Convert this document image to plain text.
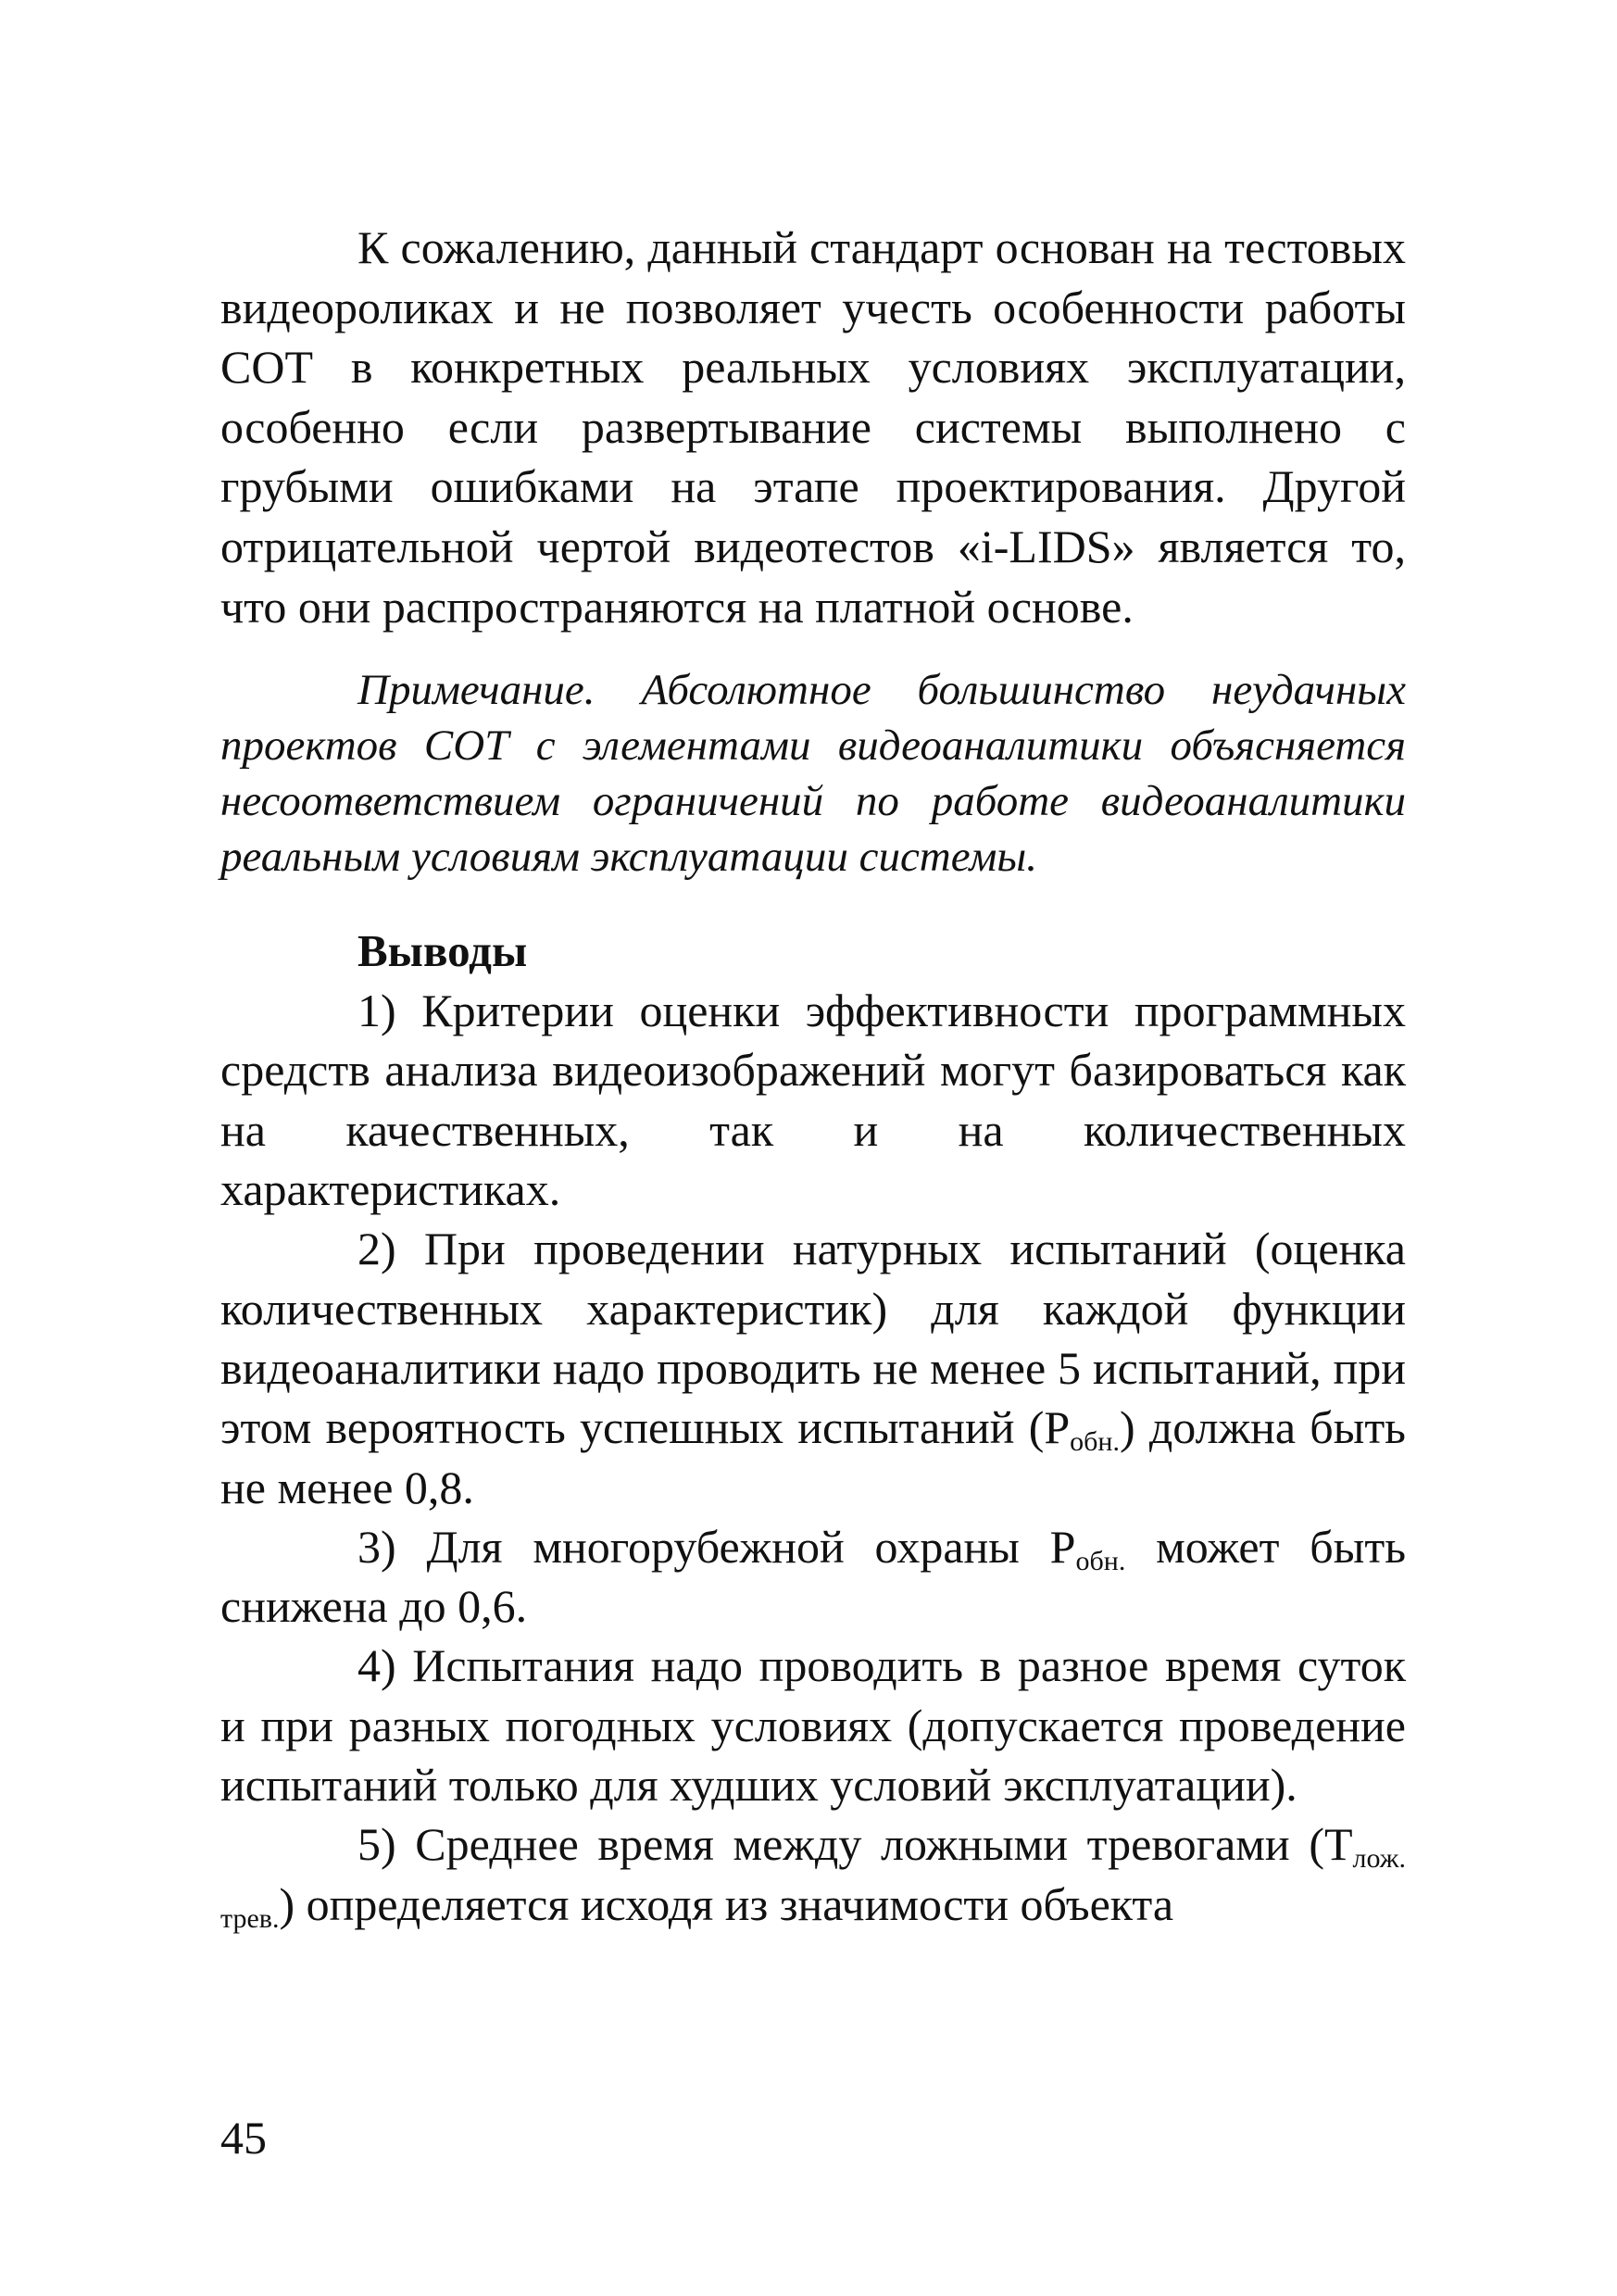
К сожалению, данный стандарт основан на тестовых видеороликах и не позволяет учесть особенности работы СОТ в конкретных реальных условиях эксплуатации, особенно если развертывание системы выполнено с грубыми ошибками на этапе проектирования. Другой отрицательной чертой видеотестов «i-LIDS» является то, что они распространяются на платной основе.

Примечание. Абсолютное большинство неудачных проектов СОТ с элементами видеоаналитики объясняется несоответствием ограничений по работе видеоаналитики реальным условиям эксплуатации системы.

Выводы

1) Критерии оценки эффективности программных средств анализа видеоизображений могут базироваться как на качественных, так и на количественных характеристиках.

2) При проведении натурных испытаний (оценка количественных характеристик) для каждой функции видеоаналитики надо проводить не менее 5 испытаний, при этом вероятность успешных испытаний $(Р_{обн.})$ должна быть не менее 0,8.

3) Для многорубежной охраны $Р_{обн.}$ может быть снижена до 0,6.

4) Испытания надо проводить в разное время суток и при разных погодных условиях (допускается проведение испытаний только для худших условий эксплуатации).

5) Среднее время между ложными тревогами $(Т_{лож. трев.})$ определяется исходя из значимости объекта

45
